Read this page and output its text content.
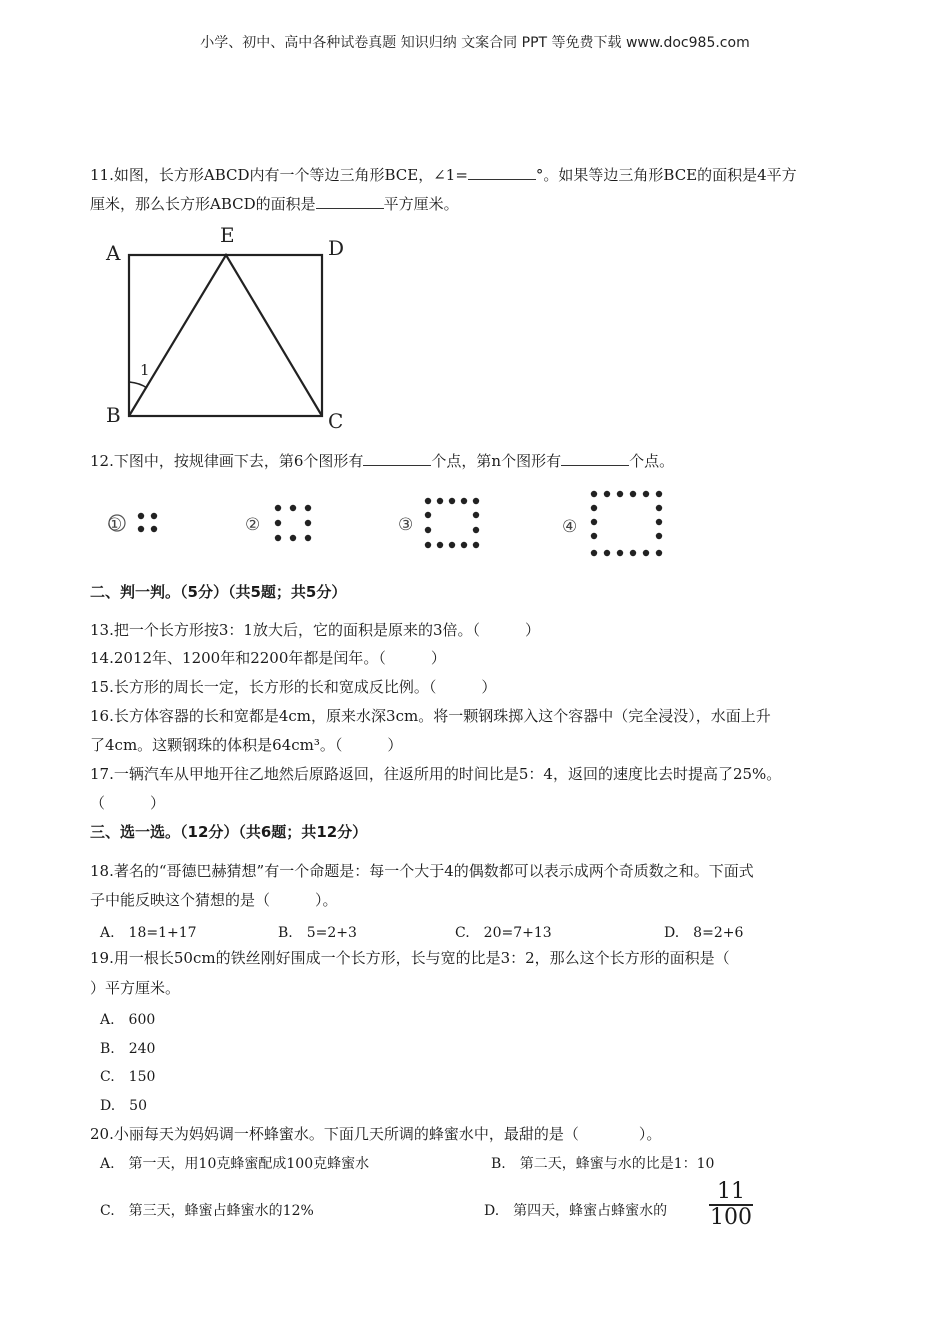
小学、初中、高中各种试卷真题 知识归纳 文案合同 PPT 等免费下载 www.doc985.com
11.如图，长方形ABCD内有一个等边三角形BCE，∠1=	°。如果等边三角形BCE的面积是4平方
厘米，那么长方形ABCD的面积是	平方厘米。
A
E
D
B	C
1
12.下图中，按规律画下去，第6个图形有	个点，第n个图形有	个点。
①	②	③	④
二、判一判。（5分）（共5题；共5分）
13.把一个长方形按3：1放大后，它的面积是原来的3倍。（　　　）
14.2012年、1200年和2200年都是闰年。（　　　）
15.长方形的周长一定，长方形的长和宽成反比例。（　　　）
16.长方体容器的长和宽都是4cm，原来水深3cm。将一颗钢珠掷入这个容器中（完全浸没），水面上升
了4cm。这颗钢珠的体积是64cm³。（　　　）
17.一辆汽车从甲地开往乙地然后原路返回，往返所用的时间比是5：4，返回的速度比去时提高了25%。
（　　　）
三、选一选。（12分）（共6题；共12分）
18.著名的“哥德巴赫猜想”有一个命题是：每一个大于4的偶数都可以表示成两个奇质数之和。下面式
子中能反映这个猜想的是（　　　）。
A.　18=1+17	B.　5=2+3	C.　20=7+13	D.　8=2+6
19.用一根长50cm的铁丝刚好围成一个长方形，长与宽的比是3：2，那么这个长方形的面积是（
）平方厘米。
A.　600
B.　240
C.　150
D.　50
20.小丽每天为妈妈调一杯蜂蜜水。下面几天所调的蜂蜜水中，最甜的是（　　　　）。
A.　第一天，用10克蜂蜜配成100克蜂蜜水	B.　第二天，蜂蜜与水的比是1：10
C.　第三天，蜂蜜占蜂蜜水的12%	D.　第四天，蜂蜜占蜂蜜水的
11
100
